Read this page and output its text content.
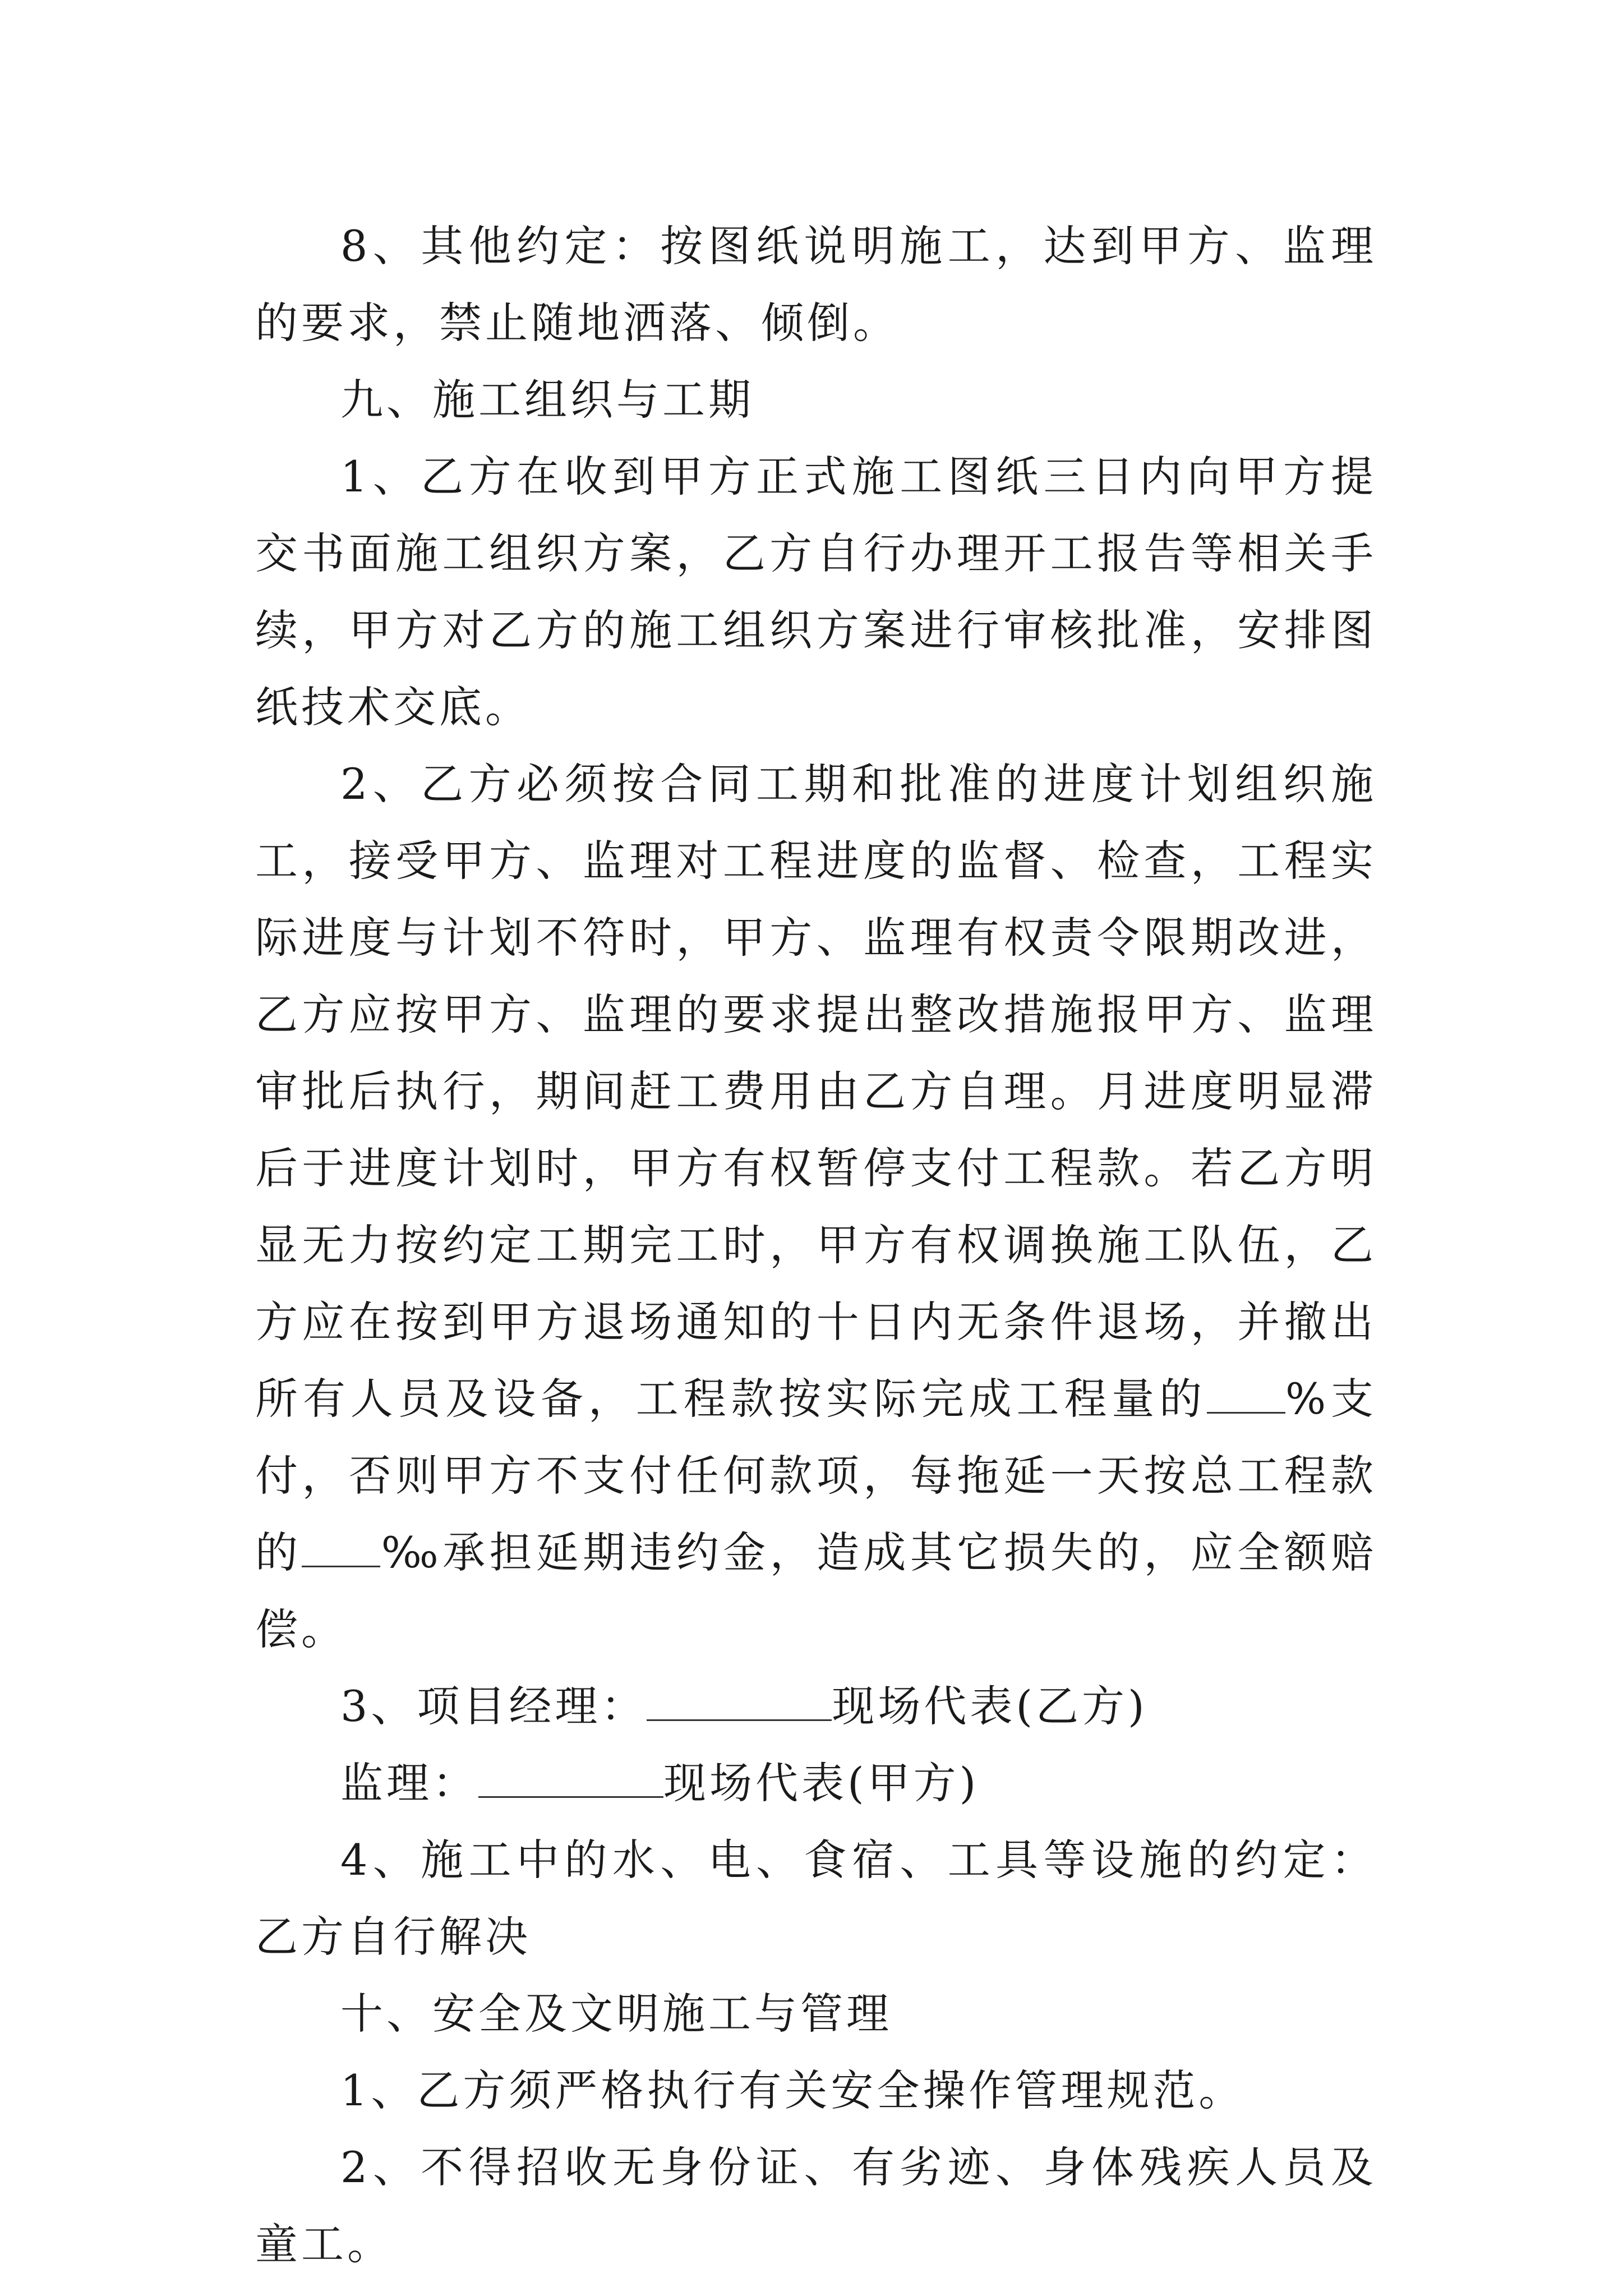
8、其他约定：按图纸说明施工，达到甲方、监理的要求，禁止随地洒落、倾倒。

九、施工组织与工期

1、乙方在收到甲方正式施工图纸三日内向甲方提交书面施工组织方案，乙方自行办理开工报告等相关手续，甲方对乙方的施工组织方案进行审核批准，安排图纸技术交底。

2、乙方必须按合同工期和批准的进度计划组织施工，接受甲方、监理对工程进度的监督、检查，工程实际进度与计划不符时，甲方、监理有权责令限期改进，乙方应按甲方、监理的要求提出整改措施报甲方、监理审批后执行，期间赶工费用由乙方自理。月进度明显滞后于进度计划时，甲方有权暂停支付工程款。若乙方明显无力按约定工期完工时，甲方有权调换施工队伍，乙方应在按到甲方退场通知的十日内无条件退场，并撤出所有人员及设备，工程款按实际完成工程量的 %支付，否则甲方不支付任何款项，每拖延一天按总工程款的 ‰承担延期违约金，造成其它损失的，应全额赔偿。

3、项目经理：	现场代表(乙方)

监理：	现场代表(甲方)

4、施工中的水、电、食宿、工具等设施的约定：乙方自行解决

十、安全及文明施工与管理

1、乙方须严格执行有关安全操作管理规范。

2、不得招收无身份证、有劣迹、身体残疾人员及童工。
